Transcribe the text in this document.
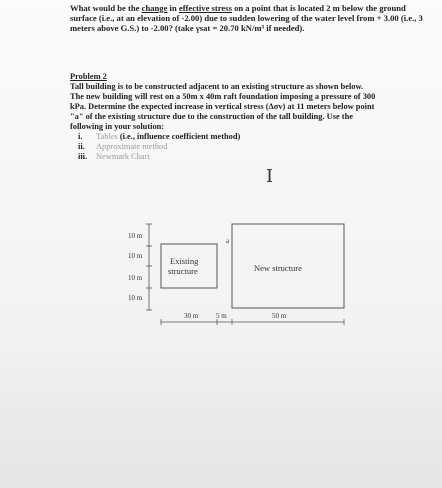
What would be the change in effective stress on a point that is located 2 m below the ground surface (i.e., at an elevation of -2.00) due to sudden lowering of the water level from + 3.00 (i.e., 3 meters above G.S.) to -2.00? (take γsat = 20.70 kN/m³ if needed).
Problem 2
Tall building is to be constructed adjacent to an existing structure as shown below.
The new building will rest on a 50m x 40m raft foundation imposing a pressure of 300
kPa. Determine the expected increase in vertical stress (Δσv) at 11 meters below point
"a" of the existing structure due to the construction of the tall building. Use the
following in your solution:
i. Tables (i.e., influence coefficient method)
ii. Approximate method
iii. Newmark Chart
I
10 m
10 m
10 m
10 m
Existing
structure
a
New structure
30 m	5 m	50 m
